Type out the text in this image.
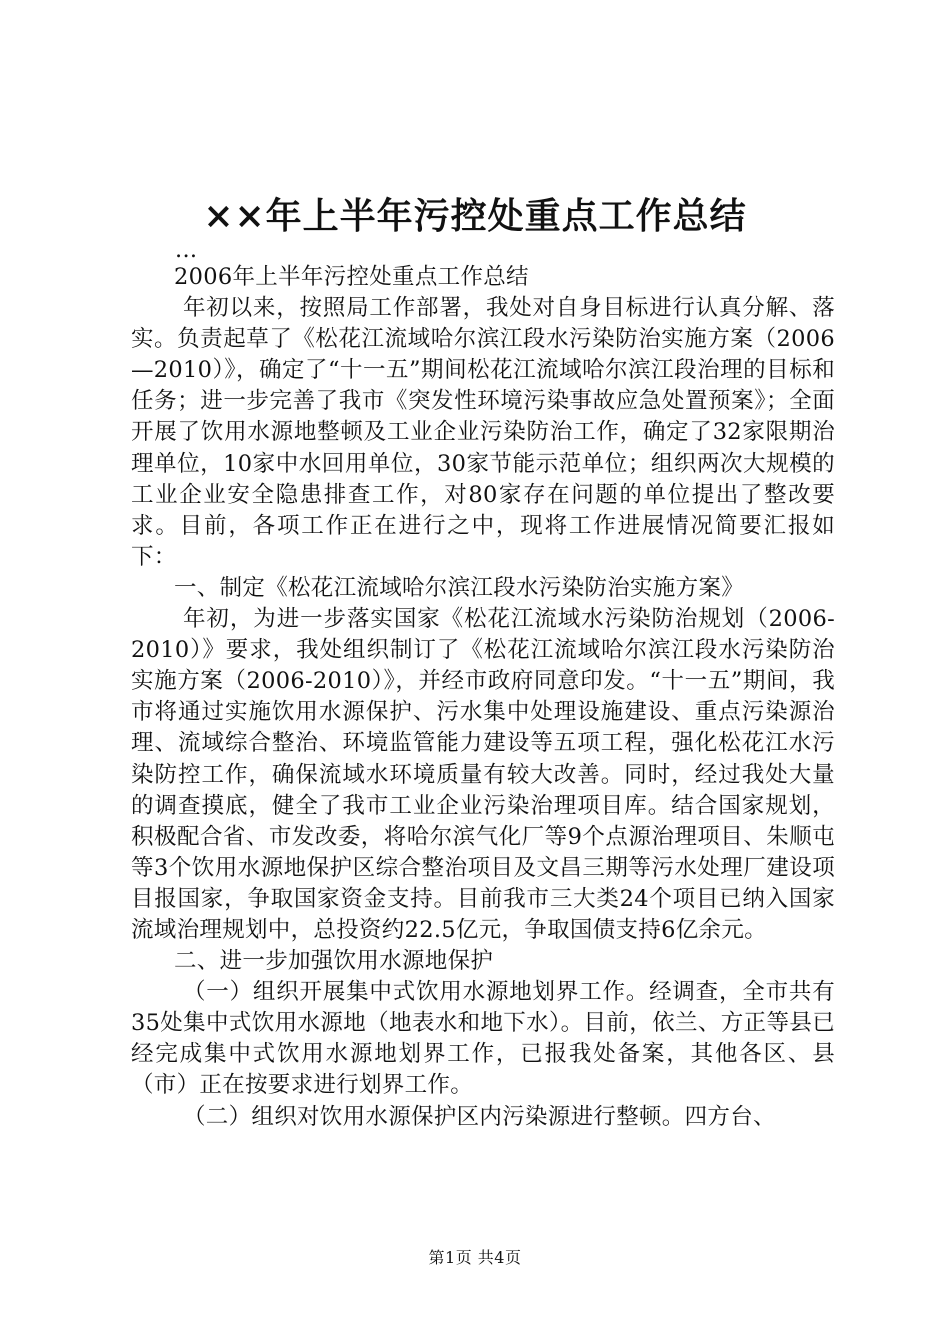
××年上半年污控处重点工作总结

...

2006年上半年污控处重点工作总结

年初以来，按照局工作部署，我处对自身目标进行认真分解、落实。负责起草了《松花江流域哈尔滨江段水污染防治实施方案（2006—2010）》，确定了“十一五”期间松花江流域哈尔滨江段治理的目标和任务；进一步完善了我市《突发性环境污染事故应急处置预案》；全面开展了饮用水源地整顿及工业企业污染防治工作，确定了32家限期治理单位，10家中水回用单位，30家节能示范单位；组织两次大规模的工业企业安全隐患排查工作，对80家存在问题的单位提出了整改要求。目前，各项工作正在进行之中，现将工作进展情况简要汇报如下：

一、制定《松花江流域哈尔滨江段水污染防治实施方案》

年初，为进一步落实国家《松花江流域水污染防治规划（2006-2010）》要求，我处组织制订了《松花江流域哈尔滨江段水污染防治实施方案（2006-2010）》，并经市政府同意印发。“十一五”期间，我市将通过实施饮用水源保护、污水集中处理设施建设、重点污染源治理、流域综合整治、环境监管能力建设等五项工程，强化松花江水污染防控工作，确保流域水环境质量有较大改善。同时，经过我处大量的调查摸底，健全了我市工业企业污染治理项目库。结合国家规划，积极配合省、市发改委，将哈尔滨气化厂等9个点源治理项目、朱顺屯等3个饮用水源地保护区综合整治项目及文昌三期等污水处理厂建设项目报国家，争取国家资金支持。目前我市三大类24个项目已纳入国家流域治理规划中，总投资约22.5亿元，争取国债支持6亿余元。

二、进一步加强饮用水源地保护

（一）组织开展集中式饮用水源地划界工作。经调查，全市共有35处集中式饮用水源地（地表水和地下水）。目前，依兰、方正等县已经完成集中式饮用水源地划界工作，已报我处备案，其他各区、县（市）正在按要求进行划界工作。

（二）组织对饮用水源保护区内污染源进行整顿。四方台、

第1页 共4页
